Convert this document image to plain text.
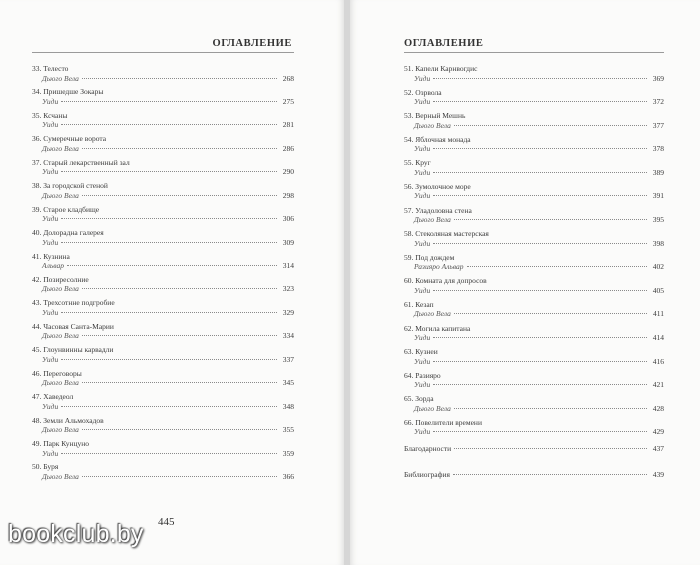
ОГЛАВЛЕНИЕ
33. Телесто
Дьюго Вела	268
34. Пришедше Зокары
Уиди	275
35. Ксчаны
Уиди	281
36. Сумеречные ворота
Дьюго Вела	286
37. Старый лекарственный зал
Уиди	290
38. За городской стеной
Дьюго Вела	298
39. Старое кладбище
Уиди	306
40. Долорадна галерея
Уиди	309
41. Кузнина
Альвар	314
42. Позиресолние
Дьюго Вела	323
43. Трехсотнне подгробие
Уиди	329
44. Часовая Санта-Марии
Дьюго Вела	334
45. Глоунвинны карвадли
Уиди	337
46. Переговоры
Дьюго Вела	345
47. Хаведеол
Уиди	348
48. Земли Альмохадов
Дьюго Вела	355
49. Парк Кунцуно
Уиди	359
50. Буря
Дьюго Вела	366
445
ОГЛАВЛЕНИЕ
51. Капели Карнвогдис
Уиди	369
52. Озрвола
Уиди	372
53. Верный Мешнь
Дьюго Вела	377
54. Яблочная монада
Уиди	378
55. Круг
Уиди	389
56. Зумолочное море
Уиди	391
57. Уладоловна стена
Дьюго Вела	395
58. Стеколяная мастерская
Уиди	398
59. Под дождем
Разияро Альвар	402
60. Комната для допросов
Уиди	405
61. Кезап
Дьюго Вела	411
62. Могила капитана
Уиди	414
63. Кузнеи
Уиди	416
64. Разияро
Уиди	421
65. Зорда
Дьюго Вела	428
66. Повелители времени
Уиди	429
Благодарности	437
Библиография	439
bookclub.by
